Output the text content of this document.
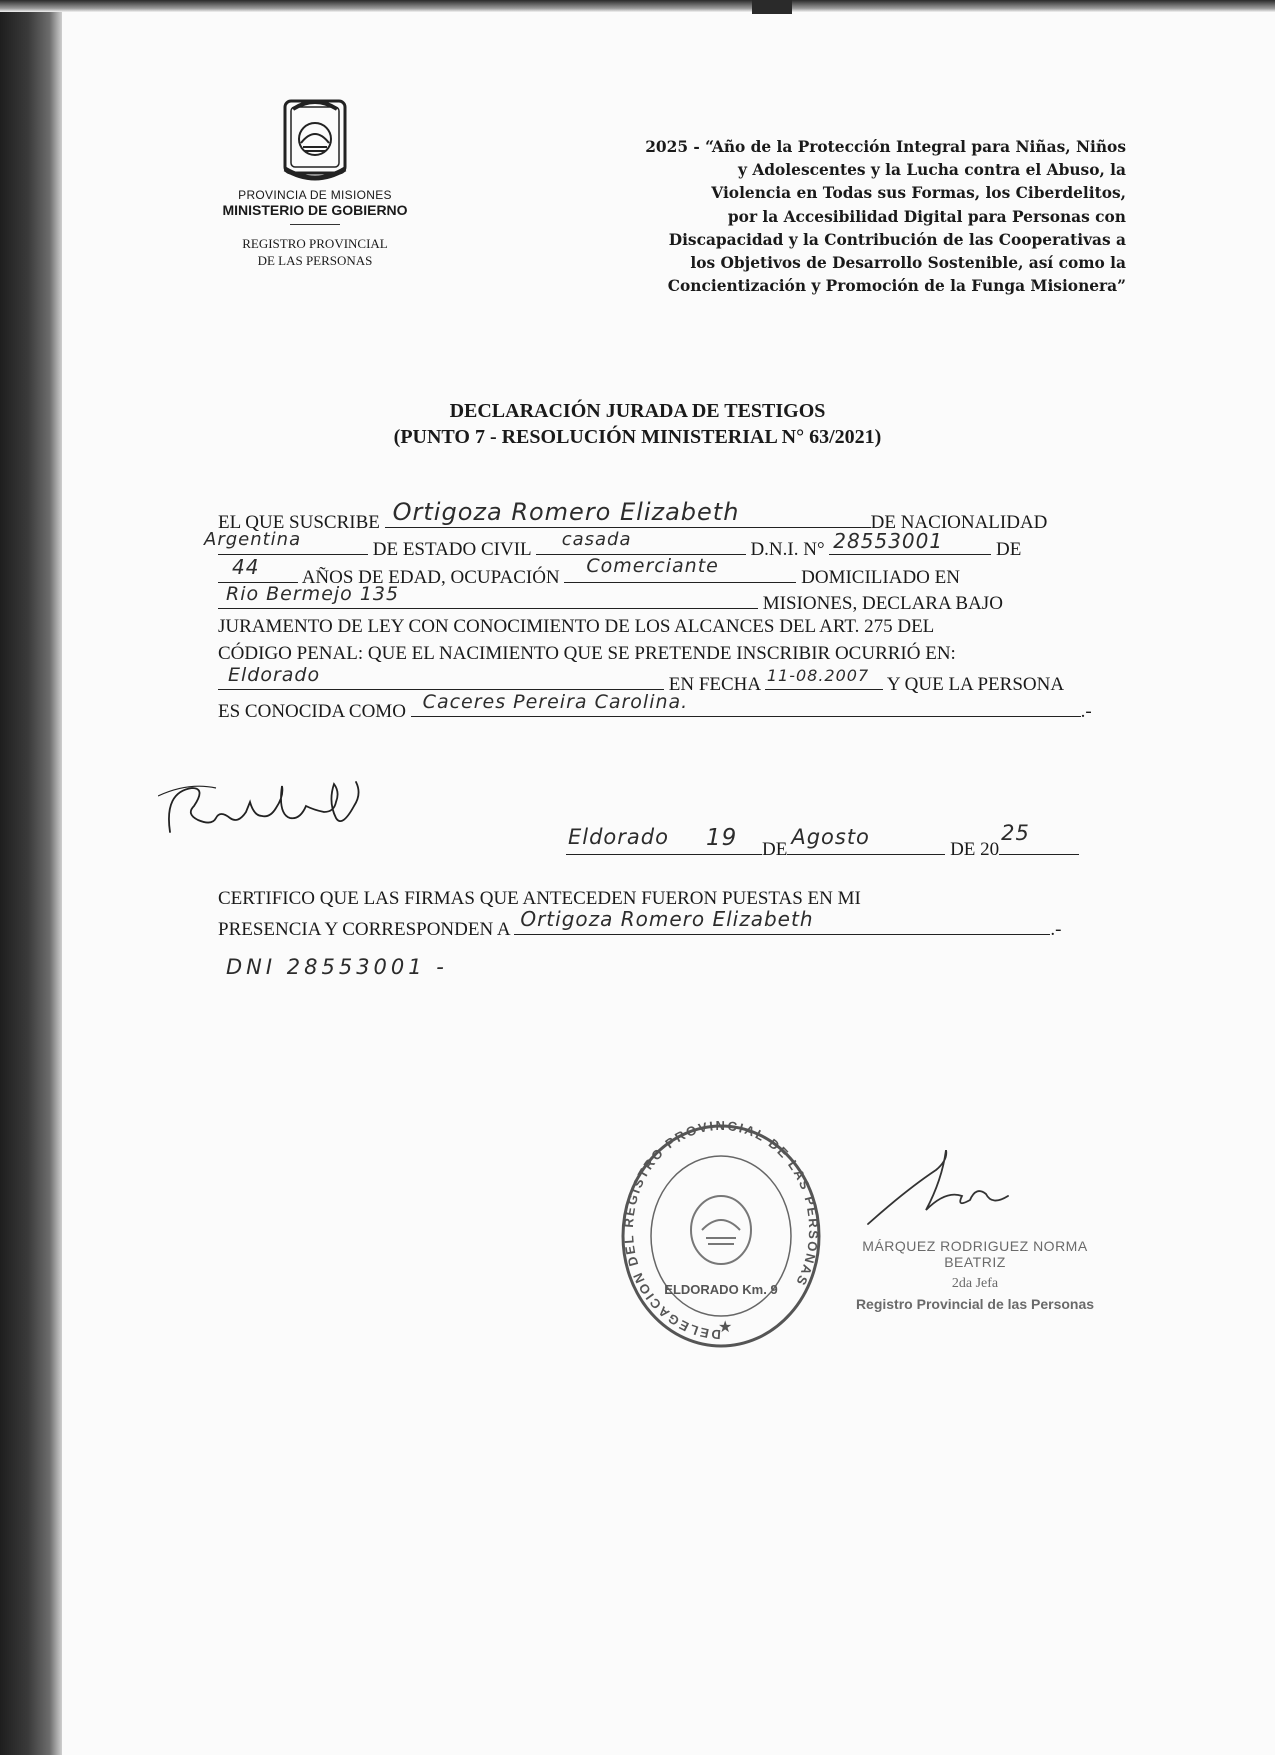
PROVINCIA DE MISIONES
MINISTERIO DE GOBIERNO
REGISTRO PROVINCIAL
DE LAS PERSONAS
2025 - “Año de la Protección Integral para Niñas, Niños
y Adolescentes y la Lucha contra el Abuso, la
Violencia en Todas sus Formas, los Ciberdelitos,
por la Accesibilidad Digital para Personas con
Discapacidad y la Contribución de las Cooperativas a
los Objetivos de Desarrollo Sostenible, así como la
Concientización y Promoción de la Funga Misionera”
DECLARACIÓN JURADA DE TESTIGOS
(PUNTO 7 - RESOLUCIÓN MINISTERIAL N° 63/2021)
EL QUE SUSCRIBE Ortigoza Romero Elizabeth	DE NACIONALIDAD
Argentina	DE ESTADO CIVIL casada	D.N.I. N° 28553001	DE
44 AÑOS DE EDAD, OCUPACIÓN
Comerciante
DOMICILIADO EN
Rio Bermejo 135	MISIONES, DECLARA BAJO
JURAMENTO DE LEY CON CONOCIMIENTO DE LOS ALCANCES DEL ART. 275 DEL
CÓDIGO PENAL: QUE EL NACIMIENTO QUE SE PRETENDE INSCRIBIR OCURRIÓ EN:
Eldorado	EN FECHA 11-08.2007 Y QUE LA PERSONA
ES CONOCIDA COMO Caceres Pereira Carolina.	.-
Eldorado 19 DE
Agosto
DE 20
25
CERTIFICO QUE LAS FIRMAS QUE ANTECEDEN FUERON PUESTAS EN MI
PRESENCIA Y CORRESPONDEN A Ortigoza Romero Elizabeth	.-
DNI 28553001 -
DELEGACION DEL REGISTRO PROVINCIAL DE LAS PERSONAS
ELDORADO Km. 9
★
MÁRQUEZ RODRIGUEZ NORMA BEATRIZ
2da Jefa
Registro Provincial de las Personas
